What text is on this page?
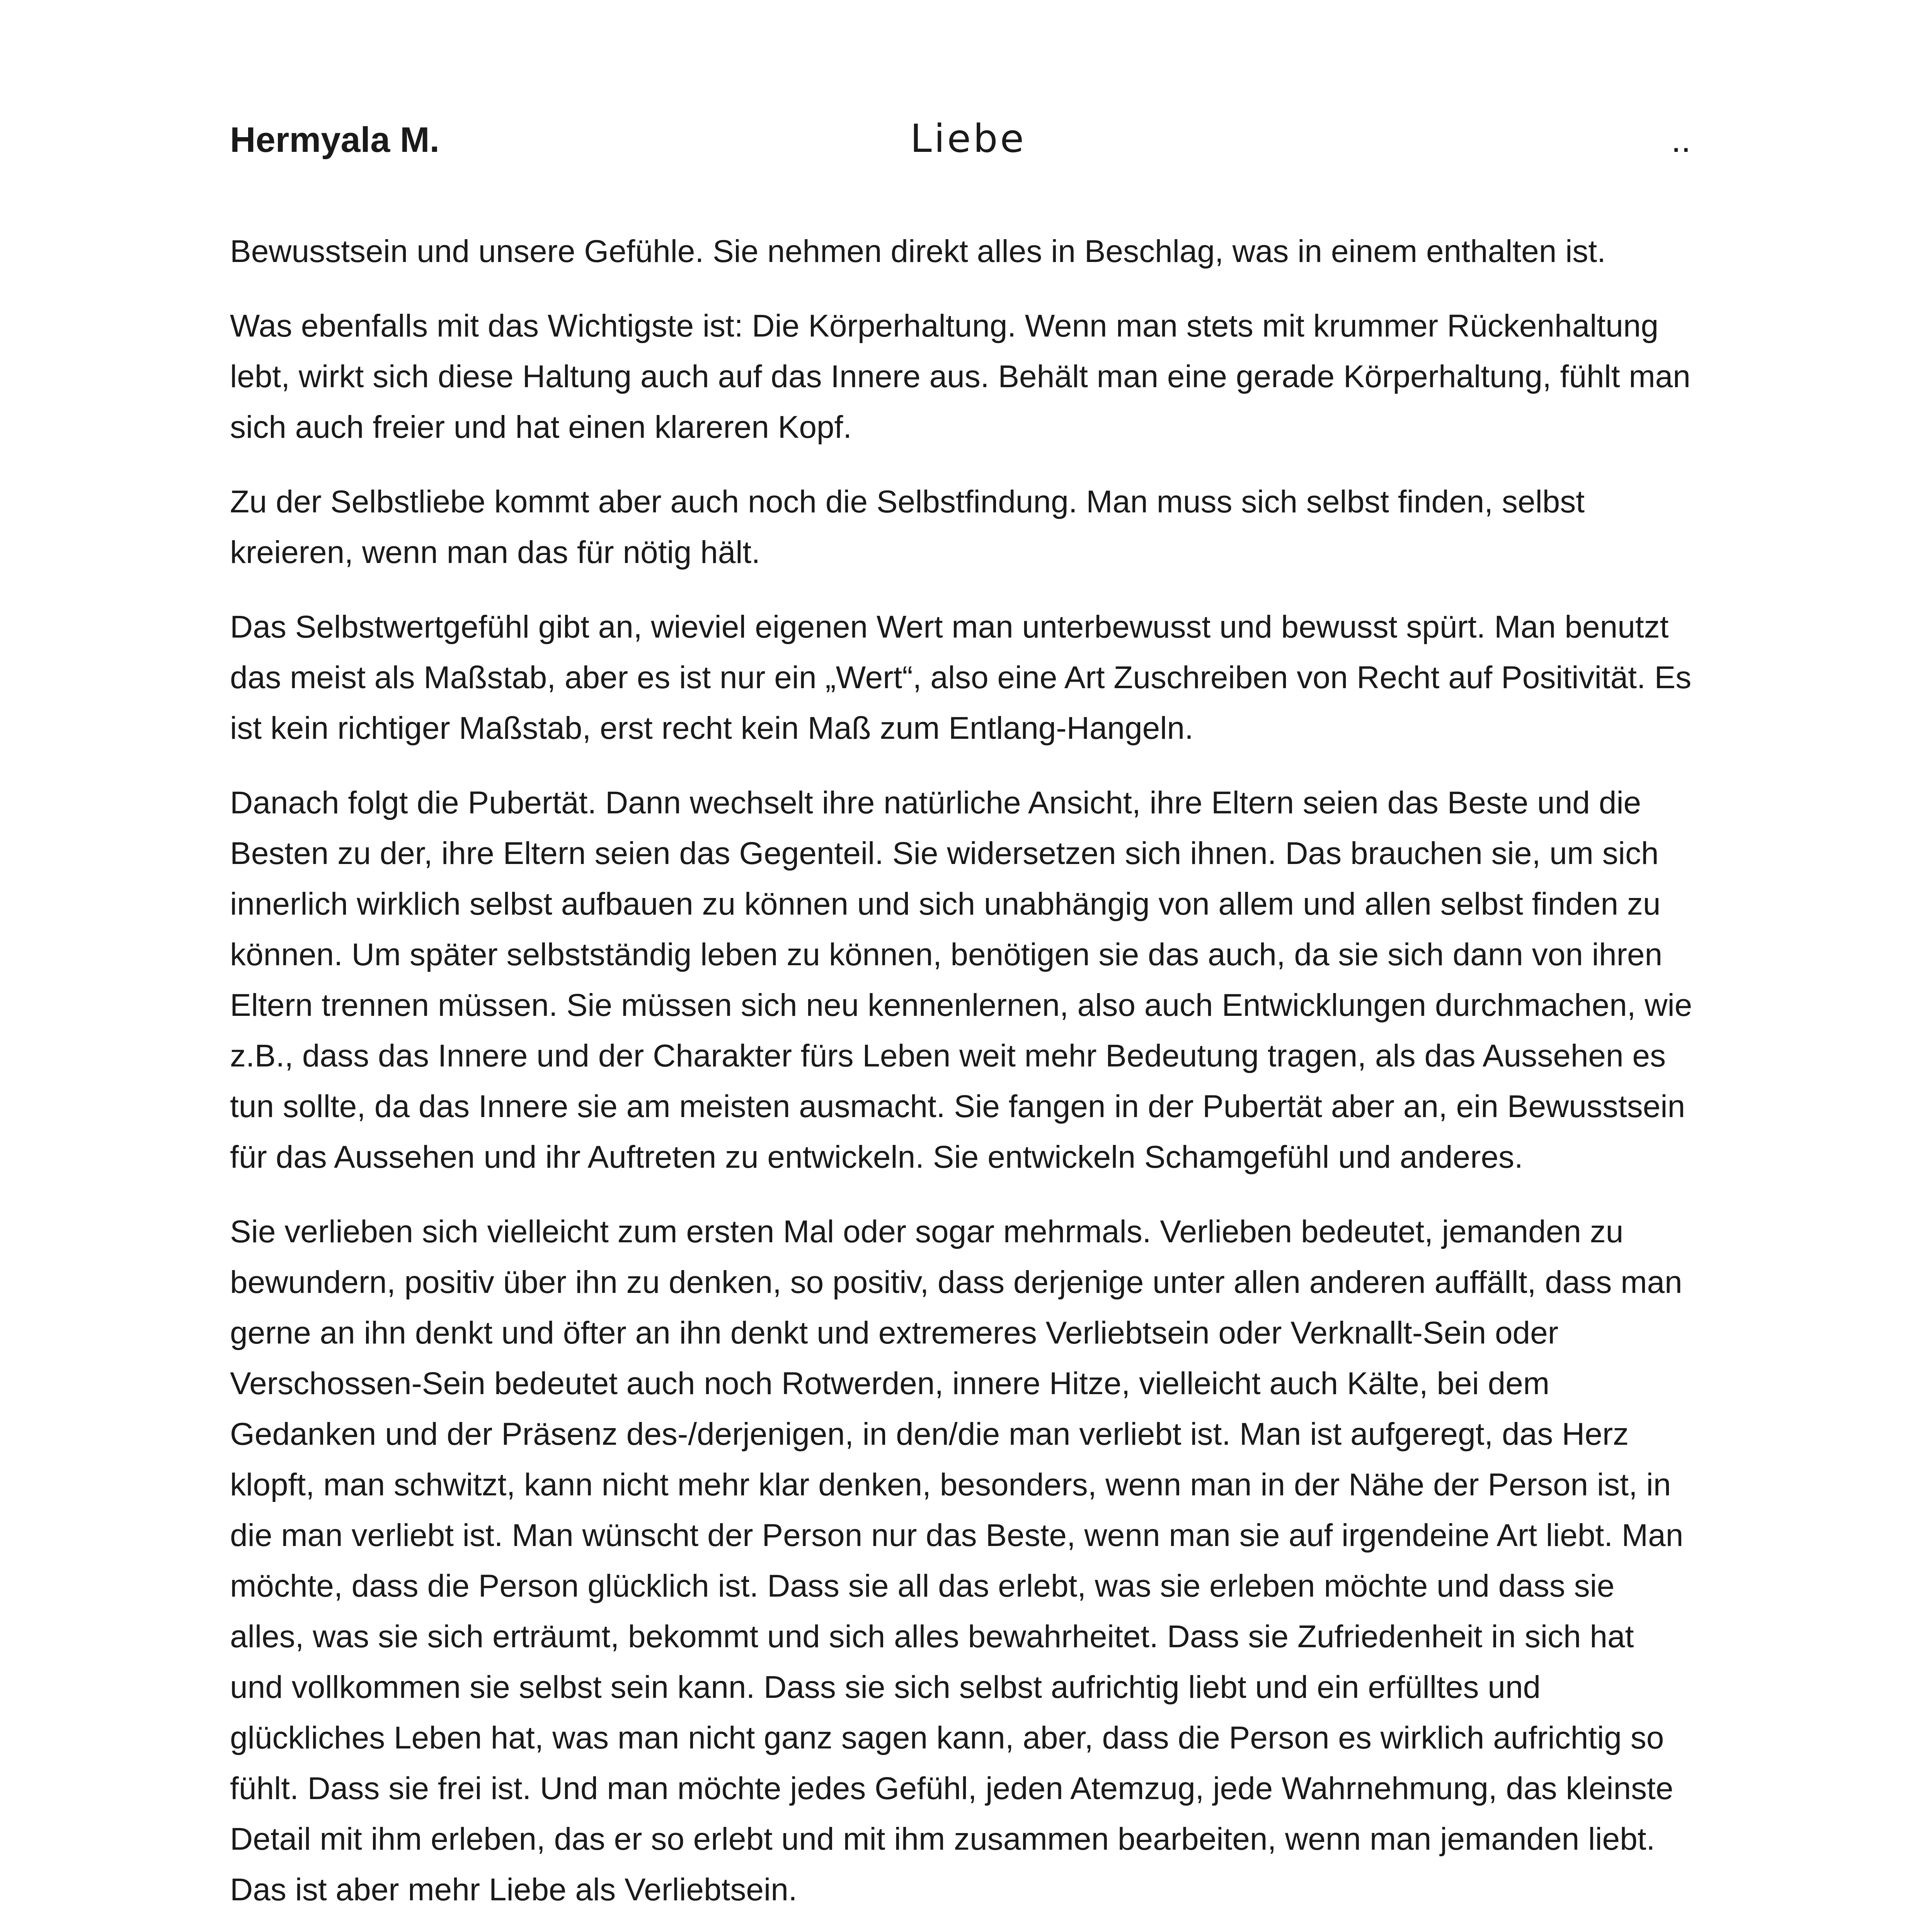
Hermyala M.	Liebe	..

Bewusstsein und unsere Gefühle. Sie nehmen direkt alles in Beschlag, was in einem enthalten ist.

Was ebenfalls mit das Wichtigste ist: Die Körperhaltung. Wenn man stets mit krummer Rückenhaltung lebt, wirkt sich diese Haltung auch auf das Innere aus. Behält man eine gerade Körperhaltung, fühlt man sich auch freier und hat einen klareren Kopf.

Zu der Selbstliebe kommt aber auch noch die Selbstfindung. Man muss sich selbst finden, selbst kreieren, wenn man das für nötig hält.

Das Selbstwertgefühl gibt an, wieviel eigenen Wert man unterbewusst und bewusst spürt. Man benutzt das meist als Maßstab, aber es ist nur ein „Wert“, also eine Art Zuschreiben von Recht auf Positivität. Es ist kein richtiger Maßstab, erst recht kein Maß zum Entlang-Hangeln.

Danach folgt die Pubertät. Dann wechselt ihre natürliche Ansicht, ihre Eltern seien das Beste und die Besten zu der, ihre Eltern seien das Gegenteil. Sie widersetzen sich ihnen. Das brauchen sie, um sich innerlich wirklich selbst aufbauen zu können und sich unabhängig von allem und allen selbst finden zu können. Um später selbstständig leben zu können, benötigen sie das auch, da sie sich dann von ihren Eltern trennen müssen. Sie müssen sich neu kennenlernen, also auch Entwicklungen durchmachen, wie z.B., dass das Innere und der Charakter fürs Leben weit mehr Bedeutung tragen, als das Aussehen es tun sollte, da das Innere sie am meisten ausmacht. Sie fangen in der Pubertät aber an, ein Bewusstsein für das Aussehen und ihr Auftreten zu entwickeln. Sie entwickeln Schamgefühl und anderes.

Sie verlieben sich vielleicht zum ersten Mal oder sogar mehrmals. Verlieben bedeutet, jemanden zu bewundern, positiv über ihn zu denken, so positiv, dass derjenige unter allen anderen auffällt, dass man gerne an ihn denkt und öfter an ihn denkt und extremeres Verliebtsein oder Verknallt-Sein oder Verschossen-Sein bedeutet auch noch Rotwerden, innere Hitze, vielleicht auch Kälte, bei dem Gedanken und der Präsenz des-/derjenigen, in den/die man verliebt ist. Man ist aufgeregt, das Herz klopft, man schwitzt, kann nicht mehr klar denken, besonders, wenn man in der Nähe der Person ist, in die man verliebt ist. Man wünscht der Person nur das Beste, wenn man sie auf irgendeine Art liebt. Man möchte, dass die Person glücklich ist. Dass sie all das erlebt, was sie erleben möchte und dass sie alles, was sie sich erträumt, bekommt und sich alles bewahrheitet. Dass sie Zufriedenheit in sich hat und vollkommen sie selbst sein kann. Dass sie sich selbst aufrichtig liebt und ein erfülltes und glückliches Leben hat, was man nicht ganz sagen kann, aber, dass die Person es wirklich aufrichtig so fühlt. Dass sie frei ist. Und man möchte jedes Gefühl, jeden Atemzug, jede Wahrnehmung, das kleinste Detail mit ihm erleben, das er so erlebt und mit ihm zusammen bearbeiten, wenn man jemanden liebt. Das ist aber mehr Liebe als Verliebtsein.
